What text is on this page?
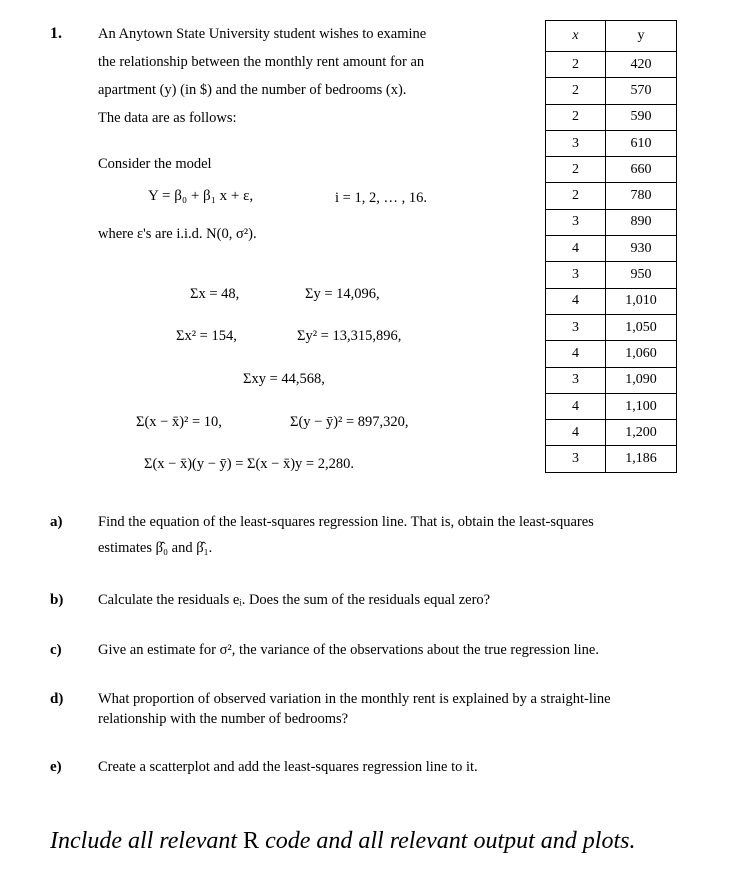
1. An Anytown State University student wishes to examine
the relationship between the monthly rent amount for an
apartment (y) (in $) and the number of bedrooms (x).
The data are as follows:
Consider the model
Y = β₀ + β₁ x + ε,	i = 1, 2, … , 16.
where ε's are i.i.d. N(0, σ²).
Σx = 48,	Σy = 14,096,
Σx² = 154,	Σy² = 13,315,896,
Σxy = 44,568,
Σ(x − x̄)² = 10,	Σ(y − ȳ)² = 897,320,
Σ(x − x̄)(y − ȳ) = Σ(x − x̄)y = 2,280.
x	y
2	420
2	570
2	590
3	610
2	660
2	780
3	890
4	930
3	950
4	1,010
3	1,050
4	1,060
3	1,090
4	1,100
4	1,200
3	1,186
a) Find the equation of the least-squares regression line. That is, obtain the least-squares
estimates β̂₀ and β̂₁.
b) Calculate the residuals eᵢ. Does the sum of the residuals equal zero?
c)	Give an estimate for σ², the variance of the observations about the true regression line.
d) What proportion of observed variation in the monthly rent is explained by a straight-line
relationship with the number of bedrooms?
e)	Create a scatterplot and add the least-squares regression line to it.
Include all relevant R code and all relevant output and plots.
